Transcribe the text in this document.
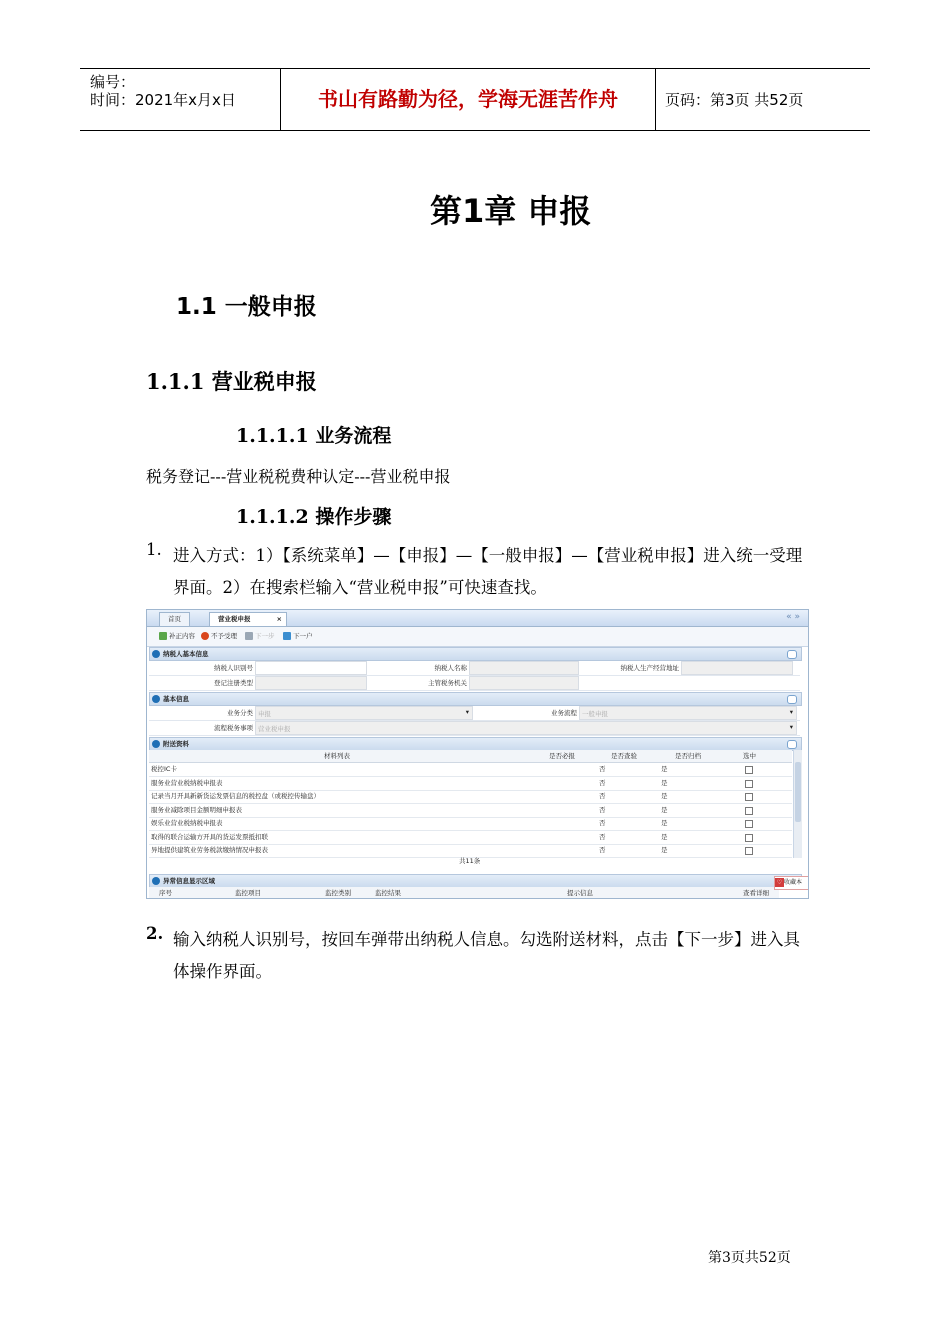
编号：
时间：2021年x月x日	书山有路勤为径，学海无涯苦作舟	页码：第3页 共52页
第1章 申报
1.1 一般申报
1.1.1 营业税申报
1.1.1.1 业务流程
税务登记---营业税税费种认定---营业税申报
1.1.1.2 操作步骤
1. 进入方式：1）【系统菜单】—【申报】—【一般申报】—【营业税申报】进入统一受理界面。2）在搜索栏输入“营业税申报”可快速查找。
首页	营业税申报	×	« »
补正内容	不予受理	下一步	下一户
纳税人基本信息
纳税人识别号	纳税人名称	纳税人生产经营地址
登记注册类型	主管税务机关
基本信息
业务分类 申报	▾	业务流程 一般申报	▾
流程税务事项 营业税申报	▾
附送资料
材料列表	是否必报	是否查验	是否归档	选中
税控IC卡	否	是
服务业营业税纳税申报表	否	是
记录当月开具新新货运发票信息的税控盘（或税控传输盘）	否	是
服务业减除项目金额明细申报表	否	是
娱乐业营业税纳税申报表	否	是
取得的联合运输方开具的货运发票抵扣联	否	是
异地提供建筑业劳务税款缴纳情况申报表	否	是
共11条
异常信息显示区域
序号	监控项目	监控类别	监控结果	提示信息	查看详细
♡ 收藏本
2. 输入纳税人识别号，按回车弹带出纳税人信息。勾选附送材料，点击【下一步】进入具体操作界面。
第3页共52页
